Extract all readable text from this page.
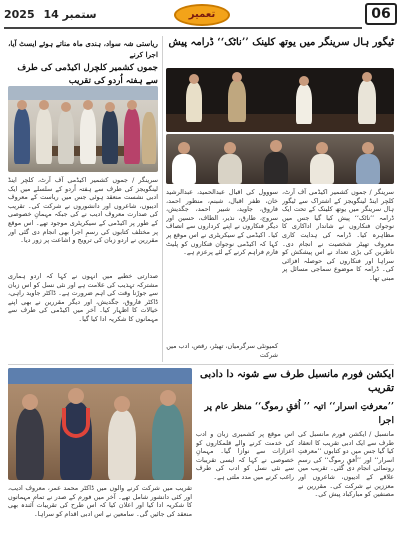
2025 14 ستمبر	تعمیر	06
ریاستی شہ سواد، ہندی ماہ مناتے ہوئے ایسٹ آیا، اجرا کرنے
جموں کشمیر کلچرل اکیڈمی کی طرف سے ہفتہ اُردو کی تقریب
سرینگر / جموں کشمیر اکیڈمی آف آرٹ، کلچر اینڈ لینگویجز کی طرف سے ہفتہ اُردو کے سلسلے میں ایک ادبی نشست منعقد ہوئی جس میں ریاست کے معروف ادیبوں، شاعروں اور دانشوروں نے شرکت کی۔ تقریب کی صدارت معروف ادیب نے کی جبکہ مہمانِ خصوصی کے طور پر اکیڈمی کے سیکریٹری موجود تھے۔ اس موقع پر مختلف کتابوں کی رسمِ اجرا بھی انجام دی گئی اور مقررین نے اردو زبان کی ترویج و اشاعت پر زور دیا۔
صدارتی خطبے میں انہوں نے کہا کہ اردو ہماری مشترکہ تہذیب کی علامت ہے اور نئی نسل کو اس زبان سے جوڑنا وقت کی اہم ضرورت ہے۔ ڈاکٹر جاوید راہی، ڈاکٹر فاروق، جگدیش، اور دیگر مقررین نے بھی اپنے خیالات کا اظہار کیا۔ آخر میں اکیڈمی کی طرف سے مہمانوں کا شکریہ ادا کیا گیا۔
ٹیگور ہال سرینگر میں یوتھ کلینک ’’ناٹک‘‘ ڈرامہ پیش
سرینگر / جموں کشمیر اکیڈمی آف آرٹ، کلچر اینڈ لینگویجز کے اشتراک سے ٹیگور ہال سرینگر میں یوتھ کلینک کے تحت ایک ڈرامہ ’’ناٹک‘‘ پیش کیا گیا جس میں نوجوان فنکاروں نے شاندار اداکاری کا مظاہرہ کیا۔ ڈرامہ کی ہدایت کاری معروف تھیٹر شخصیت نے انجام دی۔ ناظرین کی بڑی تعداد نے اس پیشکش کو سراہا اور فنکاروں کی حوصلہ افزائی کی۔ ڈرامہ کا موضوع سماجی مسائل پر مبنی تھا۔
سووول کی اقبال عبدالحمید، عبدالرشید خان، ظفر اقبال، شبنم، منظور احمد، فاروق، جاوید، شبیر احمد، جگدیش، سروج، طارق، نذیر، الطاف، حسین اور دیگر فنکاروں نے اپنے کرداروں سے انصاف کیا۔ اکیڈمی کے سیکریٹری نے اس موقع پر کہا کہ اکیڈمی نوجوان فنکاروں کو پلیٹ فارم فراہم کرنے کے لئے پرعزم ہے۔
کمیونٹی سرگرمیاں، تھیٹر، رقص، ادب میں شرکت
ایکشن فورم مانسبل طرف سے شونہ دا دادبی تقریب
’’معرفتِ اسرار‘‘ اتیہ ’’ اُفقِ رموگ‘‘ منظر عام پر اجرا
مانسبل / ایکشن فورم مانسبل کی طرف سے ایک ادبی تقریب کا انعقاد کیا گیا جس میں دو کتابوں ’’معرفتِ اسرار‘‘ اور ’’اُفقِ رموگ‘‘ کی رسمِ رونمائی انجام دی گئی۔ تقریب میں علاقے کے ادیبوں، شاعروں اور معززین نے شرکت کی۔ مقررین نے مصنفین کو مبارکباد پیش کی۔
اس موقع پر کشمیری زبان و ادب کی خدمت کرنے والے قلمکاروں کو اعزازات سے نوازا گیا۔ مہمانِ خصوصی نے کہا کہ ایسی تقریبات سے نئی نسل کو ادب کی طرف راغب کرنے میں مدد ملتی ہے۔
تقریب میں شرکت کرنے والوں میں ڈاکٹر محمد عمر، معروف ادیب، اور کئی دانشور شامل تھے۔ آخر میں فورم کے صدر نے تمام مہمانوں کا شکریہ ادا کیا اور اعلان کیا کہ اس طرح کی تقریبات آئندہ بھی منعقد کی جائیں گی۔ سامعین نے اس ادبی اقدام کو سراہا۔
